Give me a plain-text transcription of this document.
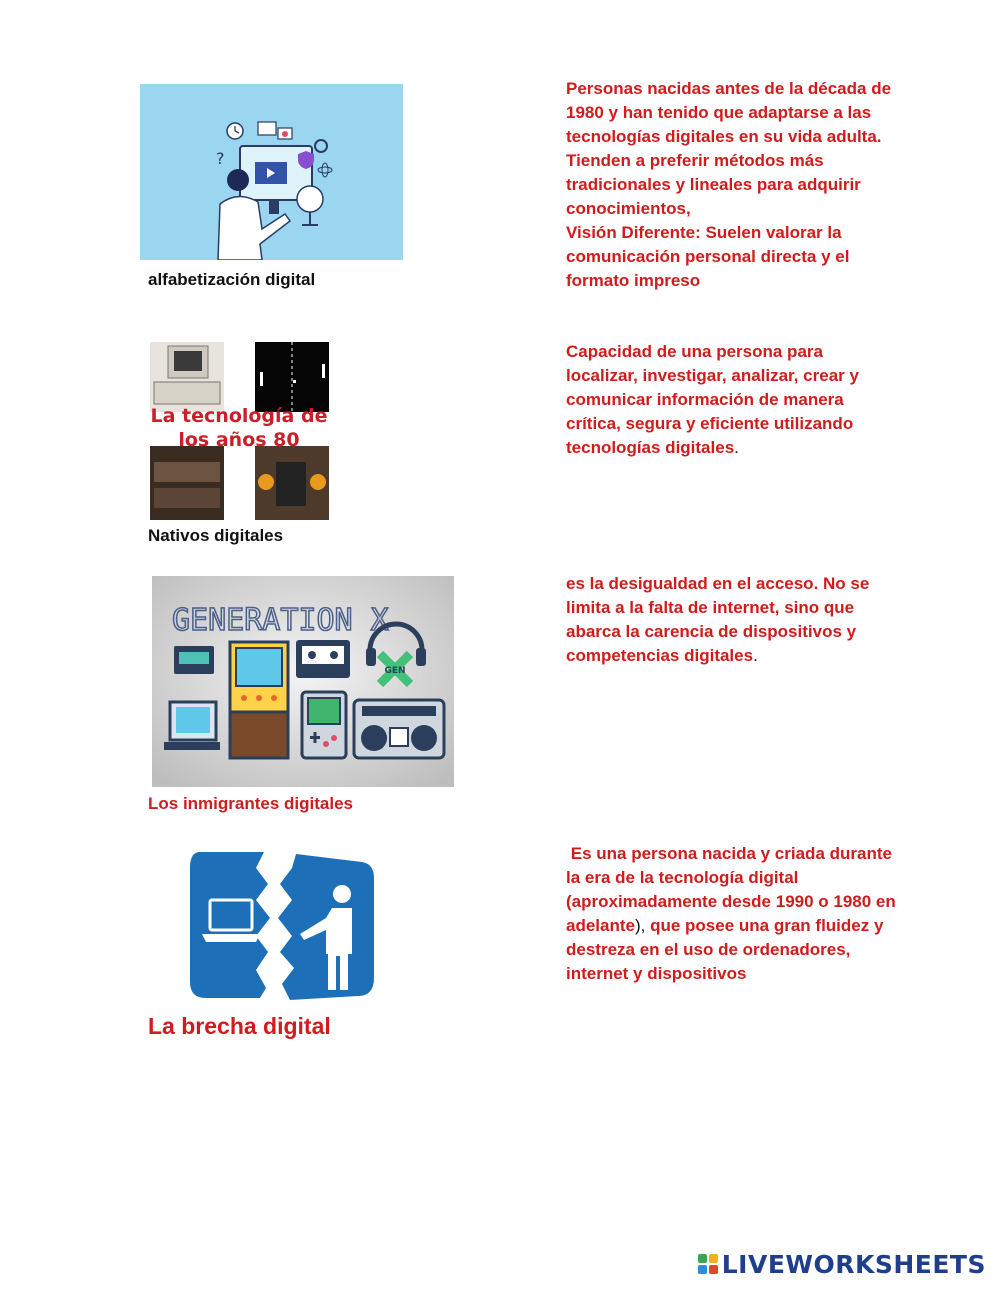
?
alfabetización digital
La tecnología de
los años 80
Nativos digitales
GENERATION X
GEN
Los inmigrantes digitales
La brecha digital
Personas nacidas antes de la década de 1980 y han tenido que adaptarse a las tecnologías digitales en su vida adulta.
Tienden a preferir métodos más tradicionales y lineales para adquirir conocimientos,
Visión Diferente: Suelen valorar la comunicación personal directa y el formato impreso
Capacidad de una persona para localizar, investigar, analizar, crear y comunicar información de manera crítica, segura y eficiente utilizando tecnologías digitales.
es la desigualdad en el acceso. No se limita a la falta de internet, sino que abarca la carencia de dispositivos y competencias digitales.
Es una persona nacida y criada durante la era de la tecnología digital (aproximadamente desde 1990 o 1980 en adelante), que posee una gran fluidez y destreza en el uso de ordenadores, internet y dispositivos
LIVEWORKSHEETS
